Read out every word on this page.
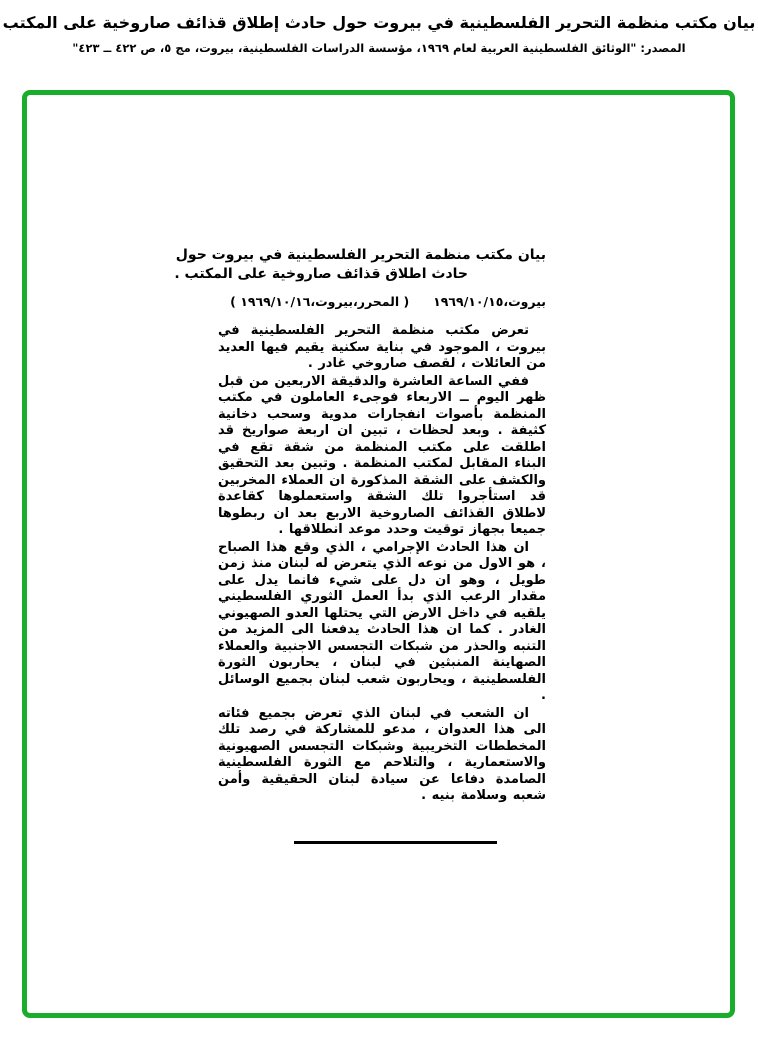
بيان مكتب منظمة التحرير الفلسطينية في بيروت حول حادث إطلاق قذائف صاروخية على المكتب
المصدر: "الوثائق الفلسطينية العربية لعام ١٩٦٩، مؤسسة الدراسات الفلسطينية، بيروت، مج ٥، ص ٤٢٢ ــ ٤٢٣"
بيان مكتب منظمة التحرير الفلسطينية في بيروت حول
حادث اطلاق قذائف صاروخية على المكتب .
بيروت،١٩٦٩/١٠/١٥
( المحرر،بيروت،١٩٦٩/١٠/١٦ )

تعرض مكتب منظمة التحرير الفلسطينية في بيروت ، الموجود في بناية سكنية يقيم فيها العديد من العائلات ، لقصف صاروخي غادر .

ففي الساعة العاشرة والدقيقة الاربعين من قبل ظهر اليوم ــ الاربعاء فوجىء العاملون في مكتب المنظمة بأصوات انفجارات مدوية وسحب دخانية كثيفة . وبعد لحظات ، تبين ان اربعة صواريخ قد اطلقت على مكتب المنظمة من شقة تقع في البناء المقابل لمكتب المنظمة . وتبين بعد التحقيق والكشف على الشقة المذكورة ان العملاء المخربين قد استأجروا تلك الشقة واستعملوها كقاعدة لاطلاق القذائف الصاروخية الاربع بعد ان ربطوها جميعا بجهاز توقيت وحدد موعد انطلاقها .

ان هذا الحادث الإجرامي ، الذي وقع هذا الصباح ، هو الاول من نوعه الذي يتعرض له لبنان منذ زمن طويل ، وهو ان دل على شيء فانما يدل على مقدار الرعب الذي بدأ العمل الثوري الفلسطيني يلقيه في داخل الارض التي يحتلها العدو الصهيوني الغادر . كما ان هذا الحادث يدفعنا الى المزيد من التنبه والحذر من شبكات التجسس الاجنبية والعملاء الصهاينة المنبثين في لبنان ، يحاربون الثورة الفلسطينية ، ويحاربون شعب لبنان بجميع الوسائل .

ان الشعب في لبنان الذي تعرض بجميع فئاته الى هذا العدوان ، مدعو للمشاركة في رصد تلك المخططات التخريبية وشبكات التجسس الصهيونية والاستعمارية ، والتلاحم مع الثورة الفلسطينية الصامدة دفاعا عن سيادة لبنان الحقيقية وأمن شعبه وسلامة بنيه .
